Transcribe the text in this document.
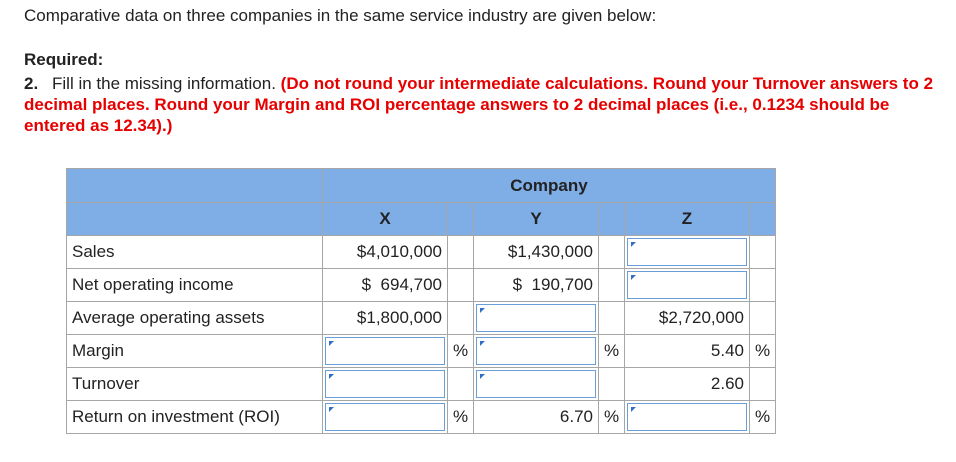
Comparative data on three companies in the same service industry are given below:
Required:
2. Fill in the missing information. (Do not round your intermediate calculations. Round your Turnover answers to 2 decimal places. Round your Margin and ROI percentage answers to 2 decimal places (i.e., 0.1234 should be entered as 12.34).)
	Company					
	X		Y		Z	
Sales	$4,010,000		$1,430,000		

Net operating income	$  694,700		$  190,700		

Average operating assets	$1,800,000				$2,720,000	
Margin		%		%	5.40	%
Turnover					2.60	
Return on investment (ROI)		%	6.70	%		%
